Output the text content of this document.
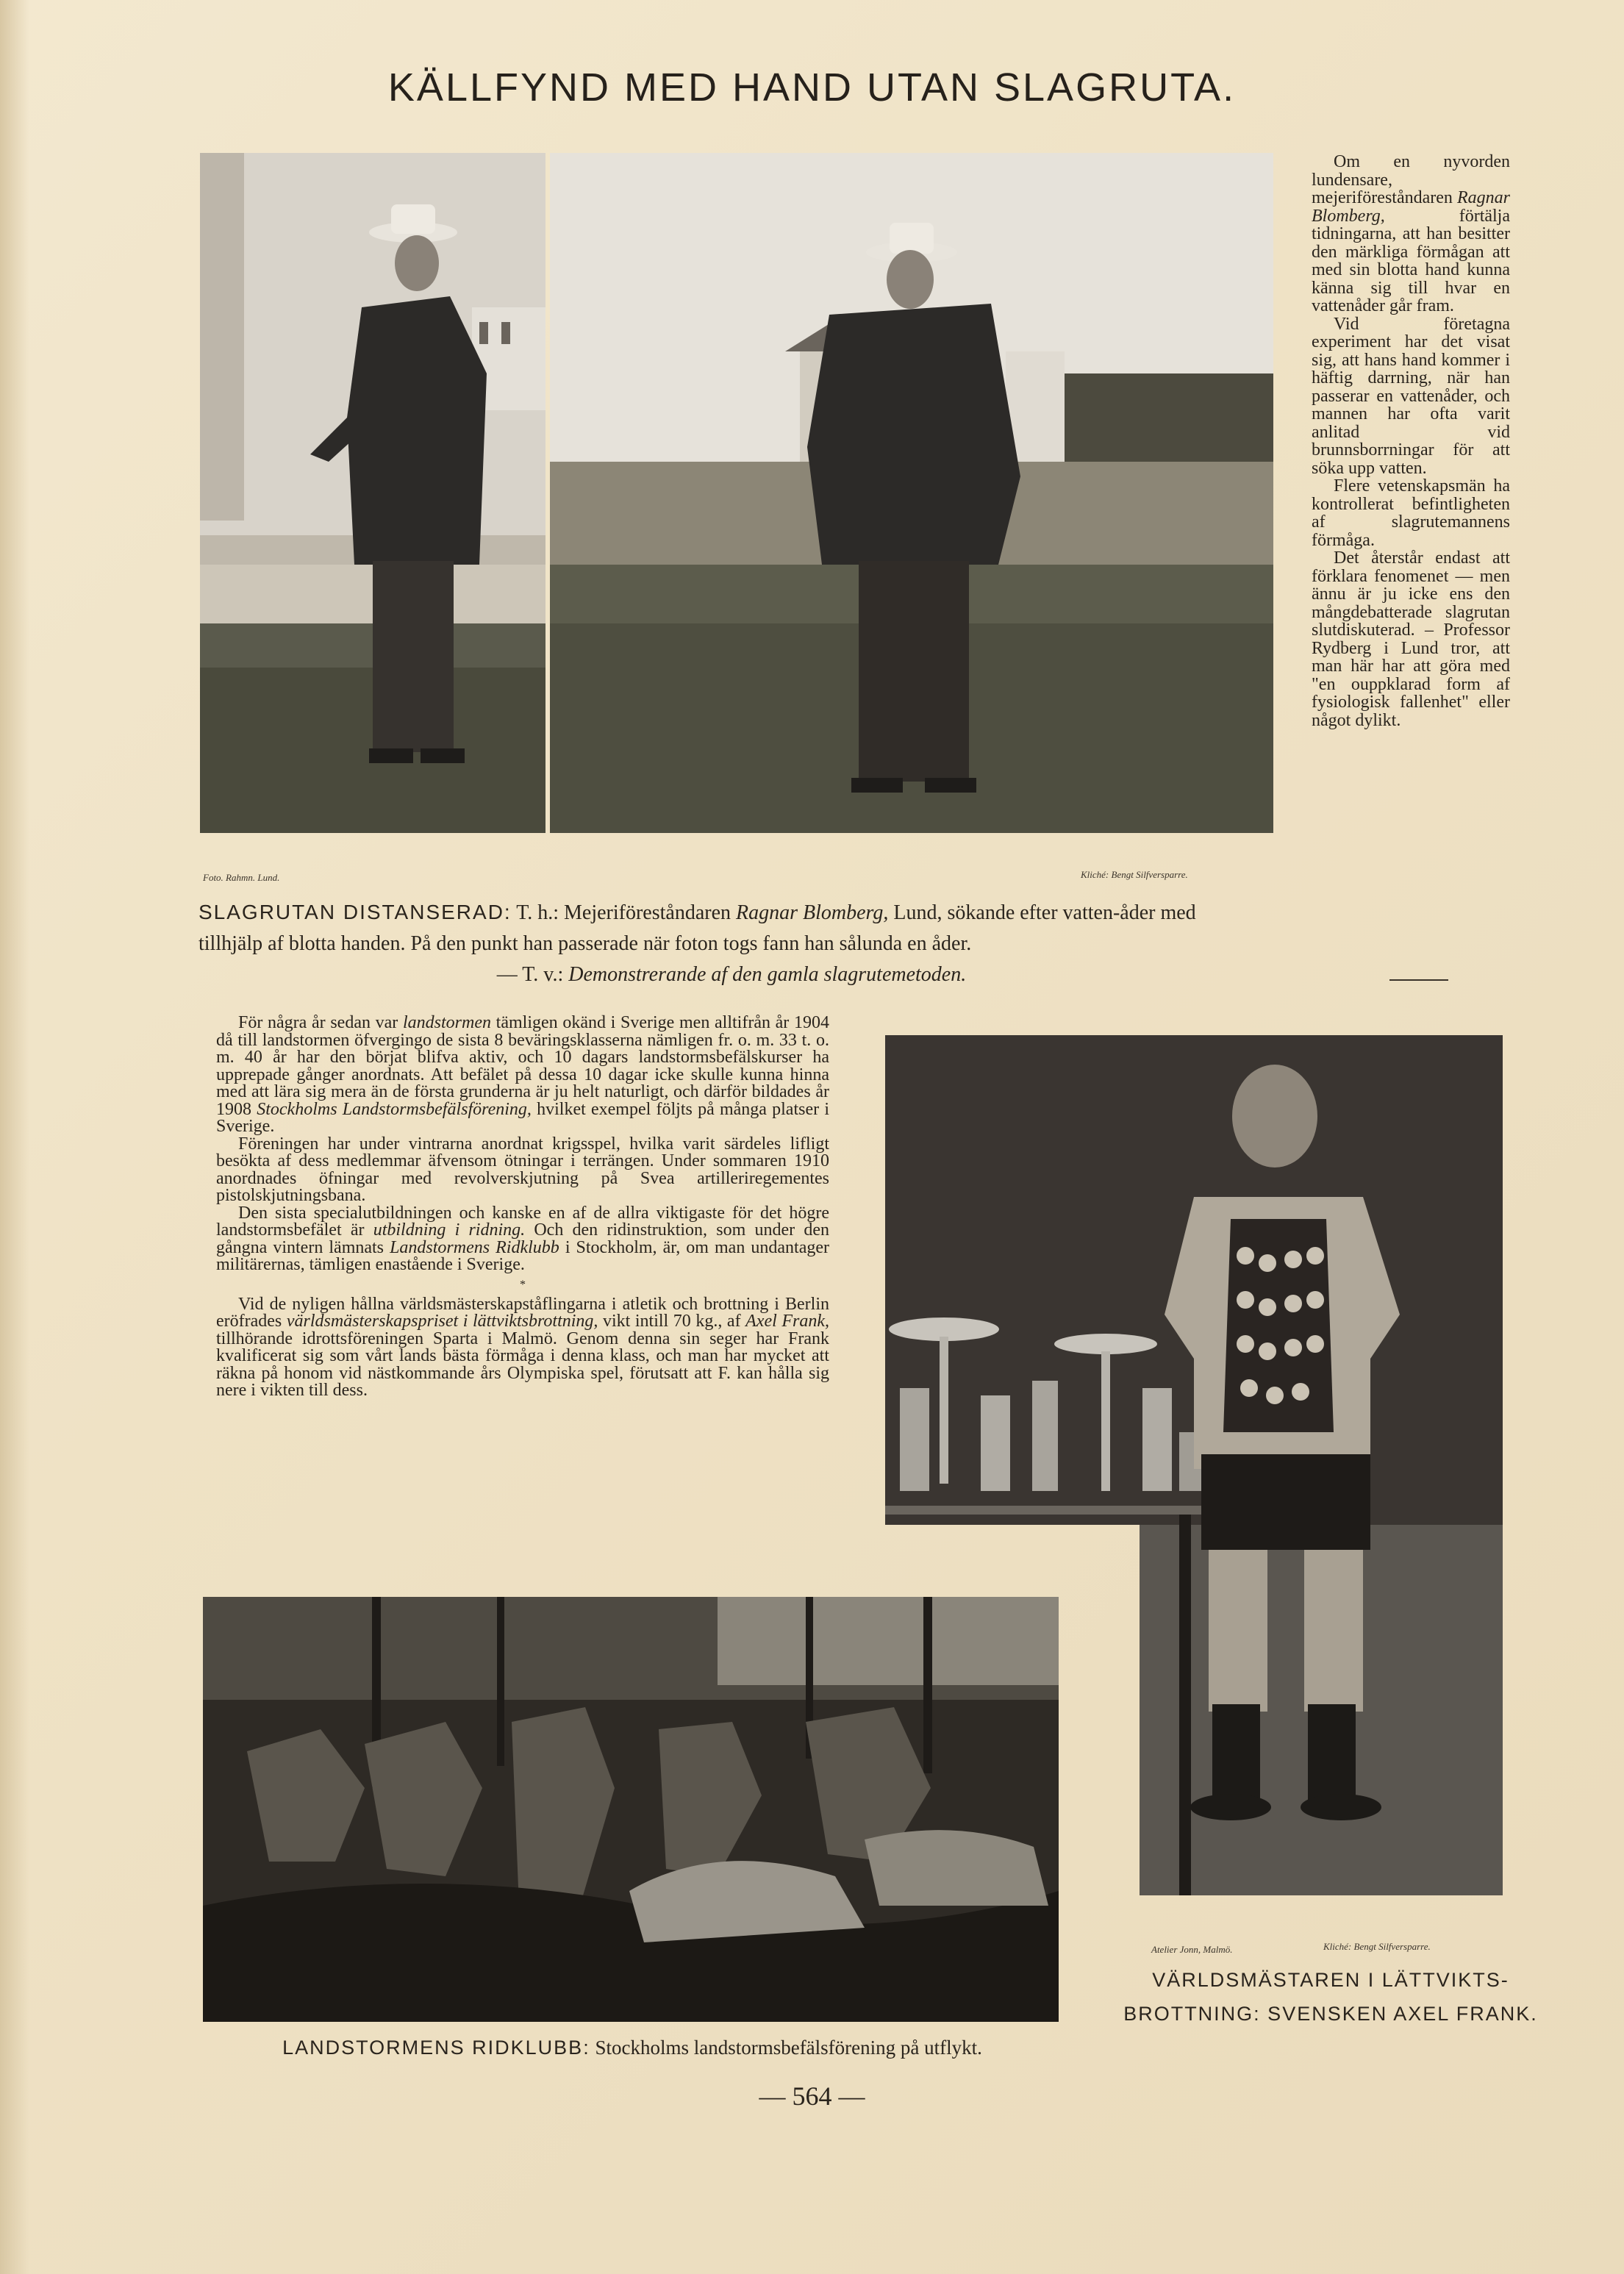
KÄLLFYND MED HAND UTAN SLAGRUTA.
Foto. Rahmn. Lund.	Kliché: Bengt Silfversparre.
SLAGRUTAN DISTANSERAD: T. h.: Mejeriföreståndaren Ragnar Blomberg, Lund, sökande efter vatten-åder med tillhjälp af blotta handen. På den punkt han passerade när foton togs fann han sålunda en åder.

— T. v.: Demonstrerande af den gamla slagrutemetoden.

Om en nyvorden lundensare, mejeriföreståndaren Ragnar Blomberg, förtälja tidningarna, att han besitter den märkliga förmågan att med sin blotta hand kunna känna sig till hvar en vattenåder går fram.

Vid företagna experiment har det visat sig, att hans hand kommer i häftig darrning, när han passerar en vattenåder, och mannen har ofta varit anlitad vid brunnsborrningar för att söka upp vatten.

Flere vetenskapsmän ha kontrollerat befintligheten af slagrutemannens förmåga.

Det återstår endast att förklara fenomenet — men ännu är ju icke ens den mångdebatterade slagrutan slutdiskuterad. – Professor Rydberg i Lund tror, att man här har att göra med "en ouppklarad form af fysiologisk fallenhet" eller något dylikt.

För några år sedan var landstormen tämligen okänd i Sverige men alltifrån år 1904 då till landstormen öfvergingo de sista 8 beväringsklasserna nämligen fr. o. m. 33 t. o. m. 40 år har den börjat blifva aktiv, och 10 dagars landstormsbefälskurser ha upprepade gånger anordnats. Att befälet på dessa 10 dagar icke skulle kunna hinna med att lära sig mera än de första grunderna är ju helt naturligt, och därför bildades år 1908 Stockholms Landstormsbefälsförening, hvilket exempel följts på många platser i Sverige.

Föreningen har under vintrarna anordnat krigsspel, hvilka varit särdeles lifligt besökta af dess medlemmar äfvensom ötningar i terrängen. Under sommaren 1910 anordnades öfningar med revolverskjutning på Svea artilleriregementes pistolskjutningsbana.

Den sista specialutbildningen och kanske en af de allra viktigaste för det högre landstormsbefälet är utbildning i ridning. Och den ridinstruktion, som under den gångna vintern lämnats Landstormens Ridklubb i Stockholm, är, om man undantager militärernas, tämligen enastående i Sverige.

*

Vid de nyligen hållna världsmästerskapståflingarna i atletik och brottning i Berlin eröfrades världsmästerskapspriset i lättviktsbrottning, vikt intill 70 kg., af Axel Frank, tillhörande idrottsföreningen Sparta i Malmö. Genom denna sin seger har Frank kvalificerat sig som vårt lands bästa förmåga i denna klass, och man har mycket att räkna på honom vid nästkommande års Olympiska spel, förutsatt att F. kan hålla sig nere i vikten till dess.

Atelier Jonn, Malmö.	Kliché: Bengt Silfversparre.
VÄRLDSMÄSTAREN I LÄTTVIKTS-BROTTNING: SVENSKEN AXEL FRANK.
LANDSTORMENS RIDKLUBB: Stockholms landstormsbefälsförening på utflykt.
— 564 —
